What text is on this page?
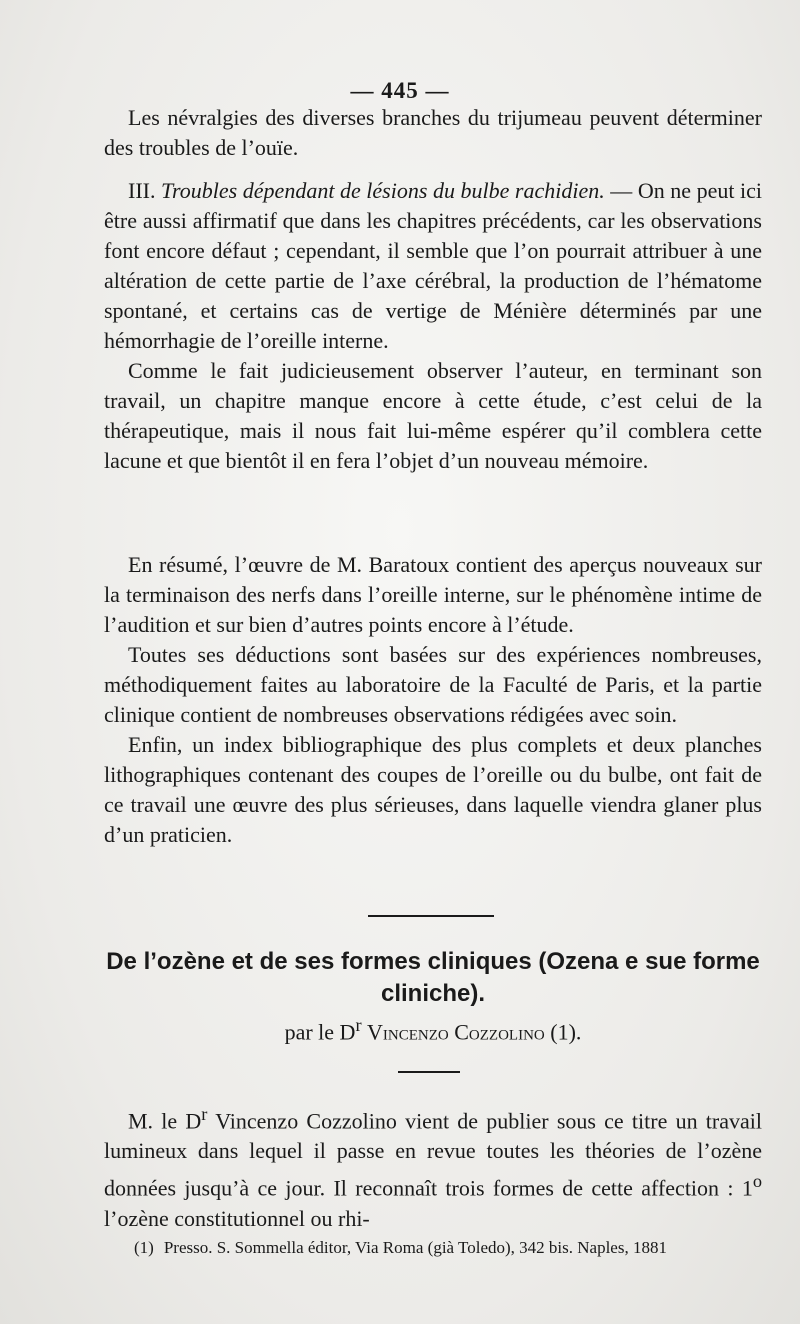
— 445 —

Les névralgies des diverses branches du trijumeau peuvent déterminer des troubles de l’ouïe.

III. Troubles dépendant de lésions du bulbe rachidien. — On ne peut ici être aussi affirmatif que dans les chapitres précédents, car les observations font encore défaut ; cependant, il semble que l’on pourrait attribuer à une altération de cette partie de l’axe cérébral, la production de l’hématome spontané, et certains cas de vertige de Ménière déterminés par une hémorrhagie de l’oreille interne.

Comme le fait judicieusement observer l’auteur, en terminant son travail, un chapitre manque encore à cette étude, c’est celui de la thérapeutique, mais il nous fait lui-même espérer qu’il comblera cette lacune et que bientôt il en fera l’objet d’un nouveau mémoire.

En résumé, l’œuvre de M. Baratoux contient des aperçus nouveaux sur la terminaison des nerfs dans l’oreille interne, sur le phénomène intime de l’audition et sur bien d’autres points encore à l’étude.

Toutes ses déductions sont basées sur des expériences nombreuses, méthodiquement faites au laboratoire de la Faculté de Paris, et la partie clinique contient de nombreuses observations rédigées avec soin.

Enfin, un index bibliographique des plus complets et deux planches lithographiques contenant des coupes de l’oreille ou du bulbe, ont fait de ce travail une œuvre des plus sérieuses, dans laquelle viendra glaner plus d’un praticien.

De l’ozène et de ses formes cliniques (Ozena e sue forme cliniche).
par le $D^r$ Vincenzo Cozzolino (1).

M. le $D^r$ Vincenzo Cozzolino vient de publier sous ce titre un travail lumineux dans lequel il passe en revue toutes les théories de l’ozène données jusqu’à ce jour. Il reconnaît trois formes de cette affection : 1$^o$ l’ozène constitutionnel ou rhi-

(1) Presso. S. Sommella éditor, Via Roma (già Toledo), 342 bis. Naples, 1881
